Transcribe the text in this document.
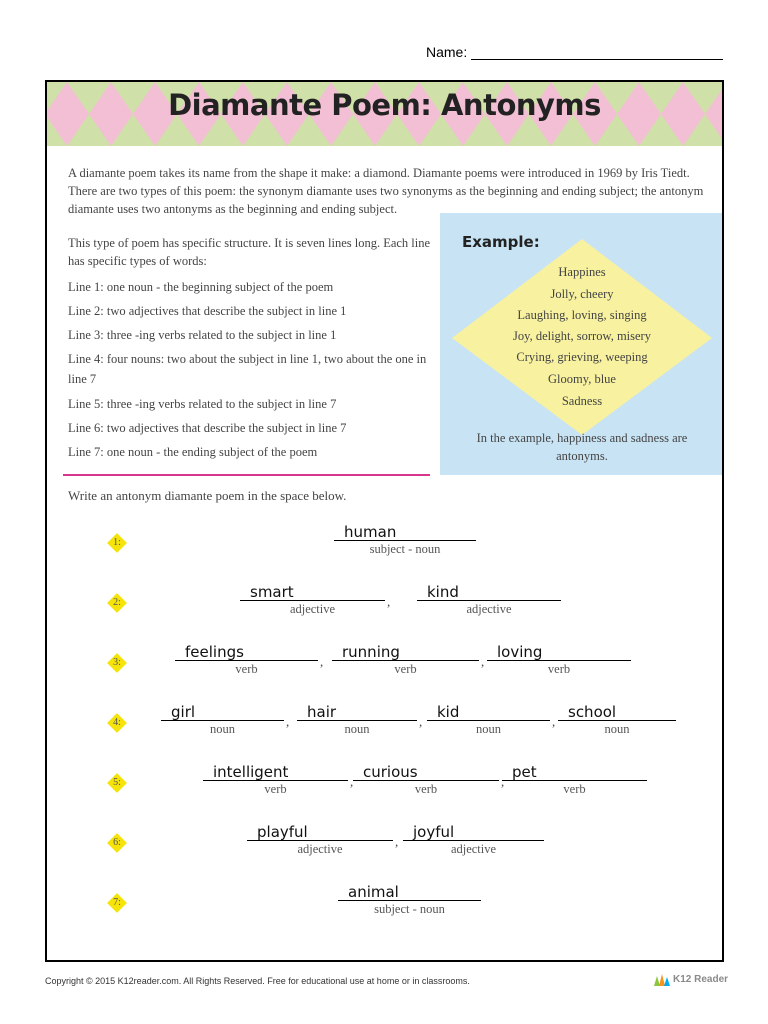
Name:
Diamante Poem: Antonyms
A diamante poem takes its name from the shape it make: a diamond. Diamante poems were introduced in 1969 by Iris Tiedt. There are two types of this poem: the synonym diamante uses two synonyms as the beginning and ending subject; the antonym diamante uses two antonyms as the beginning and ending subject.

This type of poem has specific structure. It is seven lines long. Each line has specific types of words:

Line 1: one noun - the beginning subject of the poem
Line 2: two adjectives that describe the subject in line 1
Line 3: three -ing verbs related to the subject in line 1
Line 4: four nouns: two about the subject in line 1, two about the one in line 7
Line 5: three -ing verbs related to the subject in line 7
Line 6: two adjectives that describe the subject in line 7
Line 7: one noun - the ending subject of the poem
Example:
Happines
Jolly, cheery
Laughing, loving, singing
Joy, delight, sorrow, misery
Crying, grieving, weeping
Gloomy, blue
Sadness
In the example, happiness and sadness are antonyms.
Write an antonym diamante poem in the space below.
1:
human
subject - noun
2:
smart
adjective	,
kind
adjective
3:
feelings
verb	,
running
verb	,
loving
verb
4:
girl
noun	,
hair
noun	,
kid
noun	,
school
noun
5:
intelligent
verb	,
curious
verb	,
pet
verb
6:
playful
adjective	,
joyful
adjective
7:
animal
subject - noun
Copyright © 2015 K12reader.com. All Rights Reserved. Free for educational use at home or in classrooms.	K12 Reader
